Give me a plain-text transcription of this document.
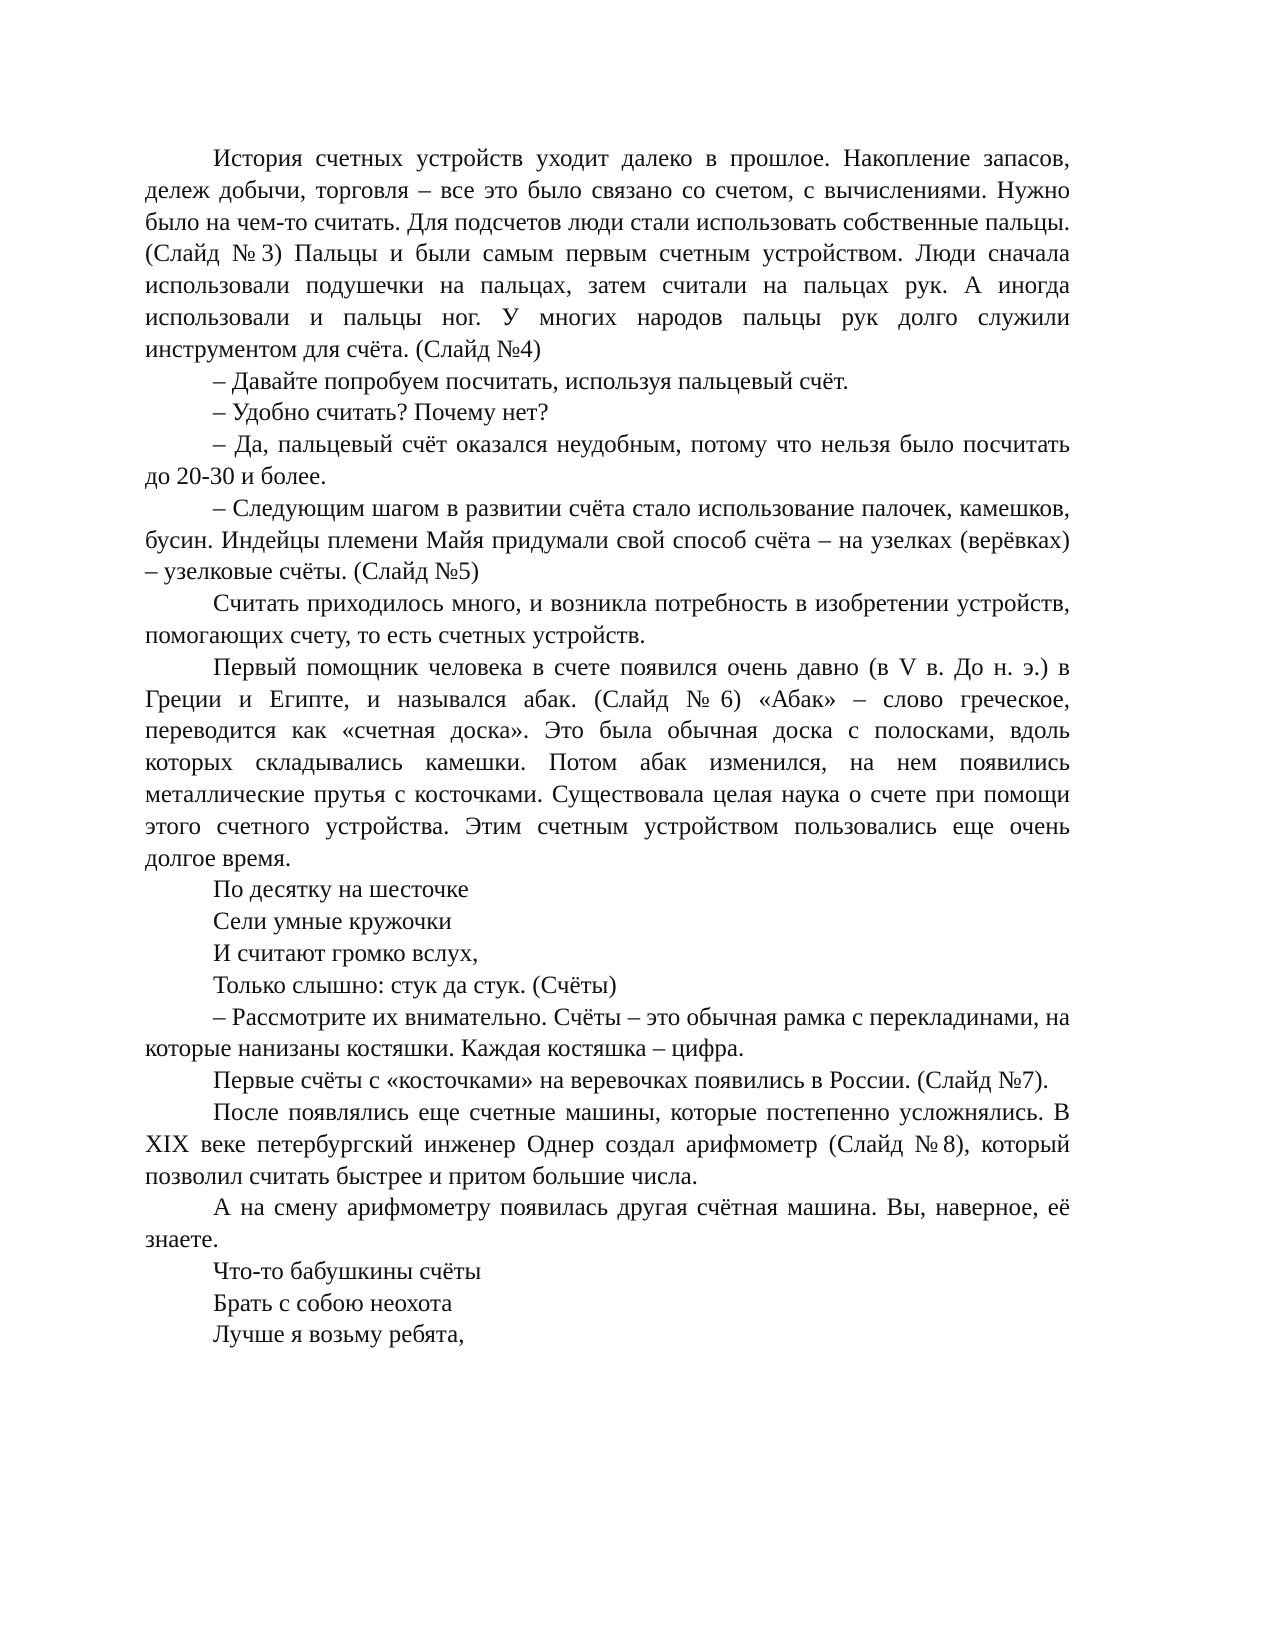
История счетных устройств уходит далеко в прошлое. Накопление запасов, дележ добычи, торговля – все это было связано со счетом, с вычислениями. Нужно было на чем-то считать. Для подсчетов люди стали использовать собственные пальцы. (Слайд №3) Пальцы и были самым первым счетным устройством. Люди сначала использовали подушечки на пальцах, затем считали на пальцах рук. А иногда использовали и пальцы ног. У многих народов пальцы рук долго служили инструментом для счёта. (Слайд №4)

– Давайте попробуем посчитать, используя пальцевый счёт.

– Удобно считать? Почему нет?

– Да, пальцевый счёт оказался неудобным, потому что нельзя было посчитать до 20-30 и более.

– Следующим шагом в развитии счёта стало использование палочек, камешков, бусин. Индейцы племени Майя придумали свой способ счёта – на узелках (верёвках) – узелковые счёты. (Слайд №5)

Считать приходилось много, и возникла потребность в изобретении устройств, помогающих счету, то есть счетных устройств.

Первый помощник человека в счете появился очень давно (в V в. До н. э.) в Греции и Египте, и назывался абак. (Слайд №6) «Абак» – слово греческое, переводится как «счетная доска». Это была обычная доска с полосками, вдоль которых складывались камешки. Потом абак изменился, на нем появились металлические прутья с косточками. Существовала целая наука о счете при помощи этого счетного устройства. Этим счетным устройством пользовались еще очень долгое время.

По десятку на шесточке

Сели умные кружочки

И считают громко вслух,

Только слышно: стук да стук. (Счёты)

– Рассмотрите их внимательно. Счёты – это обычная рамка с перекладинами, на которые нанизаны костяшки. Каждая костяшка – цифра.

Первые счёты с «косточками» на веревочках появились в России. (Слайд №7).

После появлялись еще счетные машины, которые постепенно усложнялись. В XIX веке петербургский инженер Однер создал арифмометр (Слайд №8), который позволил считать быстрее и притом большие числа.

А на смену арифмометру появилась другая счётная машина. Вы, наверное, её знаете.

Что-то бабушкины счёты

Брать с собою неохота

Лучше я возьму ребята,
